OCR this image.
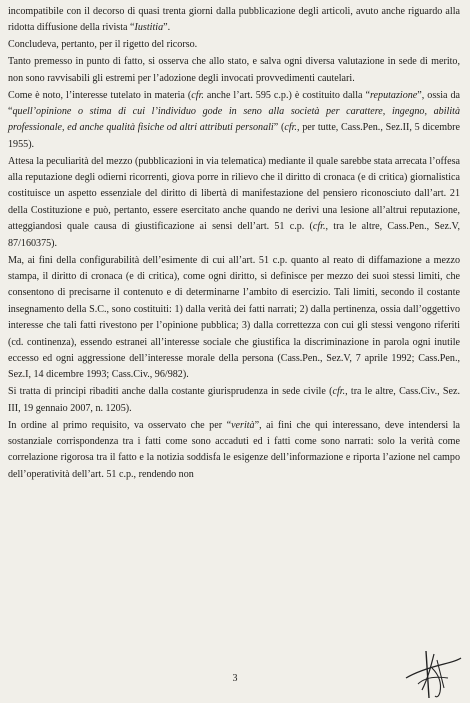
incompatibile con il decorso di quasi trenta giorni dalla pubblicazione degli articoli, avuto anche riguardo alla ridotta diffusione della rivista “Iustitia”.

Concludeva, pertanto, per il rigetto del ricorso.

Tanto premesso in punto di fatto, si osserva che allo stato, e salva ogni diversa valutazione in sede di merito, non sono ravvisabili gli estremi per l’adozione degli invocati provvedimenti cautelari.

Come è noto, l’interesse tutelato in materia (cfr. anche l’art. 595 c.p.) è costituito dalla “reputazione”, ossia da “quell’opinione o stima di cui l’individuo gode in seno alla società per carattere, ingegno, abilità professionale, ed anche qualità fisiche od altri attributi personali” (cfr., per tutte, Cass.Pen., Sez.II, 5 dicembre 1955).

Attesa la peculiarità del mezzo (pubblicazioni in via telematica) mediante il quale sarebbe stata arrecata l’offesa alla reputazione degli odierni ricorrenti, giova porre in rilievo che il diritto di cronaca (e di critica) giornalistica costituisce un aspetto essenziale del diritto di libertà di manifestazione del pensiero riconosciuto dall’art. 21 della Costituzione e può, pertanto, essere esercitato anche quando ne derivi una lesione all’altrui reputazione, atteggiandosi quale causa di giustificazione ai sensi dell’art. 51 c.p. (cfr., tra le altre, Cass.Pen., Sez.V, 87/160375).

Ma, ai fini della configurabilità dell’esimente di cui all’art. 51 c.p. quanto al reato di diffamazione a mezzo stampa, il diritto di cronaca (e di critica), come ogni diritto, si definisce per mezzo dei suoi stessi limiti, che consentono di precisarne il contenuto e di determinarne l’ambito di esercizio. Tali limiti, secondo il costante insegnamento della S.C., sono costituiti: 1) dalla verità dei fatti narrati; 2) dalla pertinenza, ossia dall’oggettivo interesse che tali fatti rivestono per l’opinione pubblica; 3) dalla correttezza con cui gli stessi vengono riferiti (cd. continenza), essendo estranei all’interesse sociale che giustifica la discriminazione in parola ogni inutile eccesso ed ogni aggressione dell’interesse morale della persona (Cass.Pen., Sez.V, 7 aprile 1992; Cass.Pen., Sez.I, 14 dicembre 1993; Cass.Civ., 96/982).

Si tratta di principi ribaditi anche dalla costante giurisprudenza in sede civile (cfr., tra le altre, Cass.Civ., Sez. III, 19 gennaio 2007, n. 1205).

In ordine al primo requisito, va osservato che per “verità”, ai fini che qui interessano, deve intendersi la sostanziale corrispondenza tra i fatti come sono accaduti ed i fatti come sono narrati: solo la verità come correlazione rigorosa tra il fatto e la notizia soddisfa le esigenze dell’informazione e riporta l’azione nel campo dell’operatività dell’art. 51 c.p., rendendo non

3
